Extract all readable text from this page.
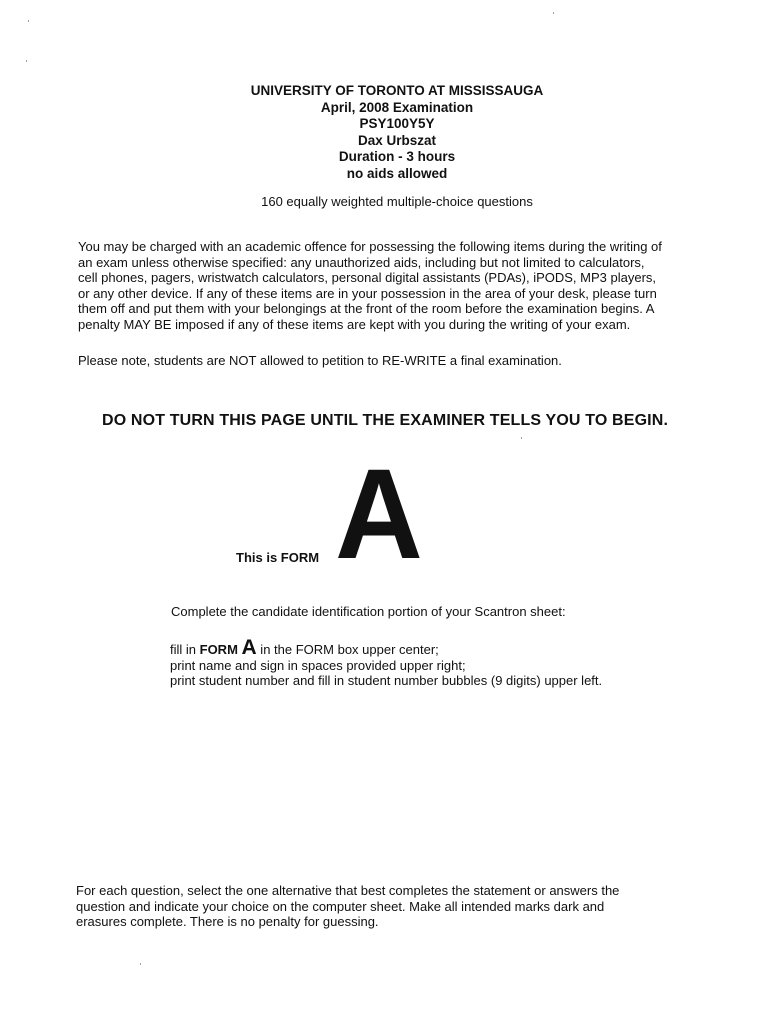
UNIVERSITY OF TORONTO AT MISSISSAUGA
April, 2008 Examination
PSY100Y5Y
Dax Urbszat
Duration - 3 hours
no aids allowed
160 equally weighted multiple-choice questions
You may be charged with an academic offence for possessing the following items during the writing of
an exam unless otherwise specified: any unauthorized aids, including but not limited to calculators,
cell phones, pagers, wristwatch calculators, personal digital assistants (PDAs), iPODS, MP3 players,
or any other device. If any of these items are in your possession in the area of your desk, please turn
them off and put them with your belongings at the front of the room before the examination begins. A
penalty MAY BE imposed if any of these items are kept with you during the writing of your exam.
Please note, students are NOT allowed to petition to RE-WRITE a final examination.
DO NOT TURN THIS PAGE UNTIL THE EXAMINER TELLS YOU TO BEGIN.
This is FORM A
Complete the candidate identification portion of your Scantron sheet:
fill in FORM A in the FORM box upper center;
print name and sign in spaces provided upper right;
print student number and fill in student number bubbles (9 digits) upper left.
For each question, select the one alternative that best completes the statement or answers the
question and indicate your choice on the computer sheet. Make all intended marks dark and
erasures complete. There is no penalty for guessing.
